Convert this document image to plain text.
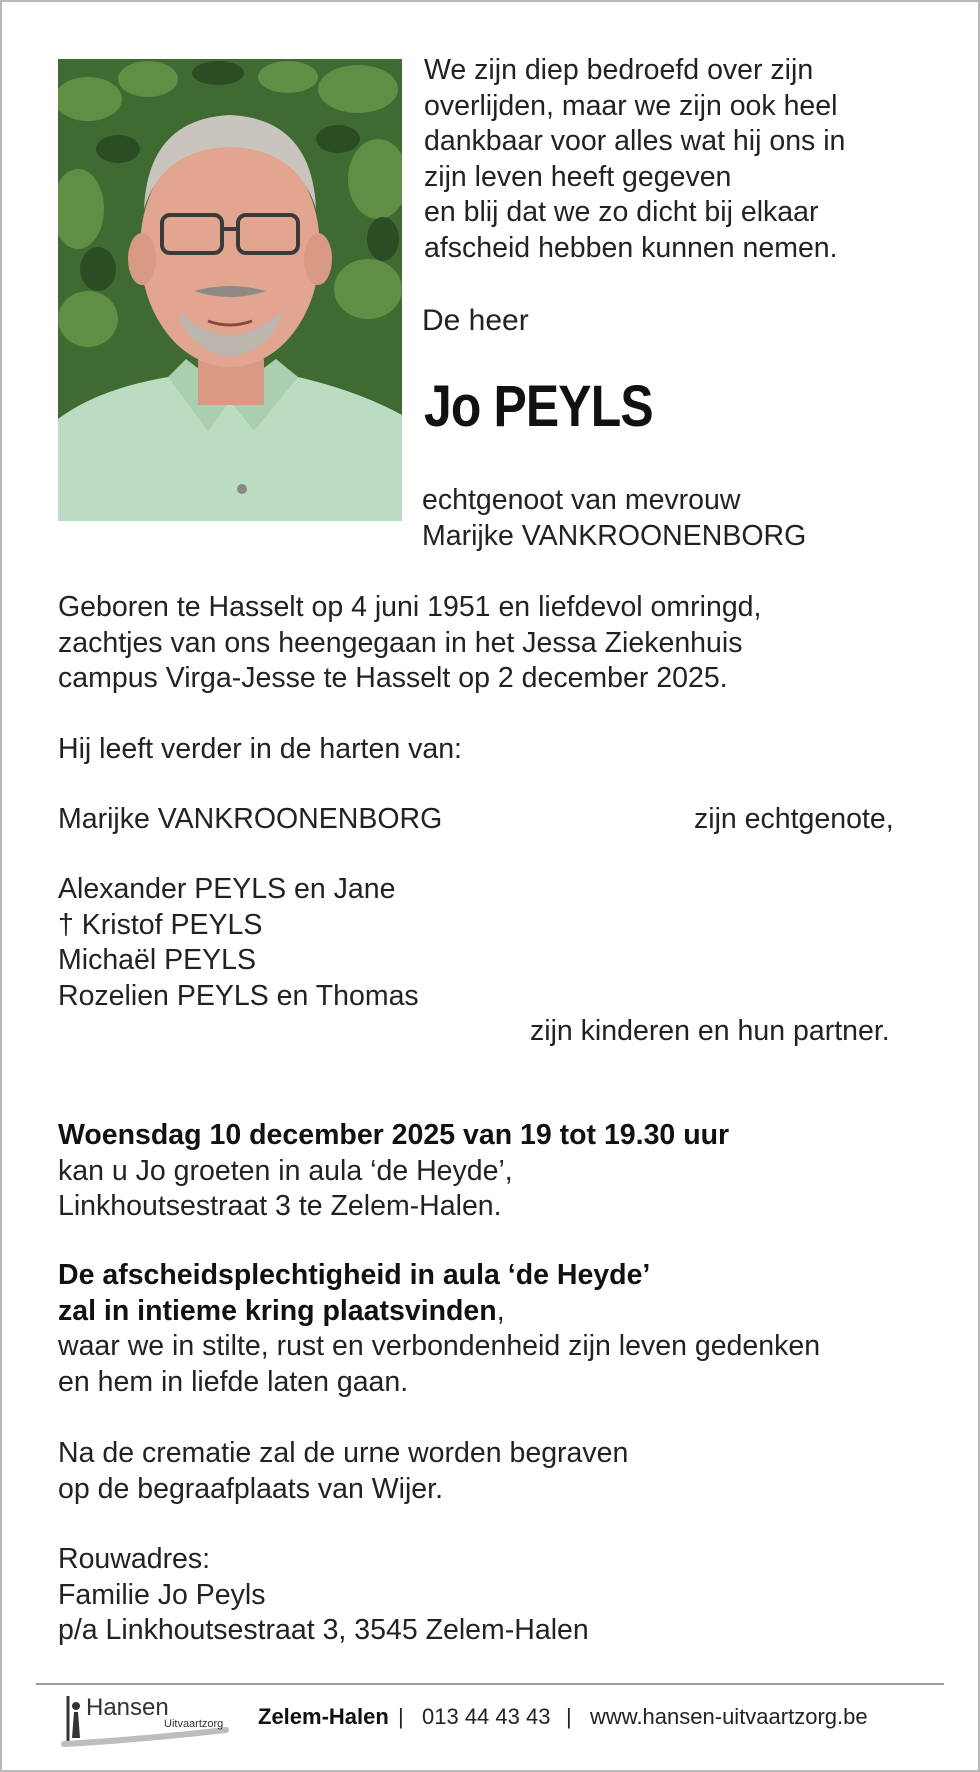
We zijn diep bedroefd over zijn
overlijden, maar we zijn ook heel
dankbaar voor alles wat hij ons in
zijn leven heeft gegeven
en blij dat we zo dicht bij elkaar
afscheid hebben kunnen nemen.
De heer
Jo PEYLS
echtgenoot van mevrouw
Marijke VANKROONENBORG
Geboren te Hasselt op 4 juni 1951 en liefdevol omringd,
zachtjes van ons heengegaan in het Jessa Ziekenhuis
campus Virga-Jesse te Hasselt op 2 december 2025.
Hij leeft verder in de harten van:
Marijke VANKROONENBORG	zijn echtgenote,
Alexander PEYLS en Jane
† Kristof PEYLS
Michaël PEYLS
Rozelien PEYLS en Thomas
zijn kinderen en hun partner.
Woensdag 10 december 2025 van 19 tot 19.30 uur
kan u Jo groeten in aula ‘de Heyde’,
Linkhoutsestraat 3 te Zelem-Halen.
De afscheidsplechtigheid in aula ‘de Heyde’
zal in intieme kring plaatsvinden,
waar we in stilte, rust en verbondenheid zijn leven gedenken
en hem in liefde laten gaan.
Na de crematie zal de urne worden begraven
op de begraafplaats van Wijer.
Rouwadres:
Familie Jo Peyls
p/a Linkhoutsestraat 3, 3545 Zelem-Halen
Hansen
Uitvaartzorg Zelem-Halen | 013 44 43 43 | www.hansen-uitvaartzorg.be
